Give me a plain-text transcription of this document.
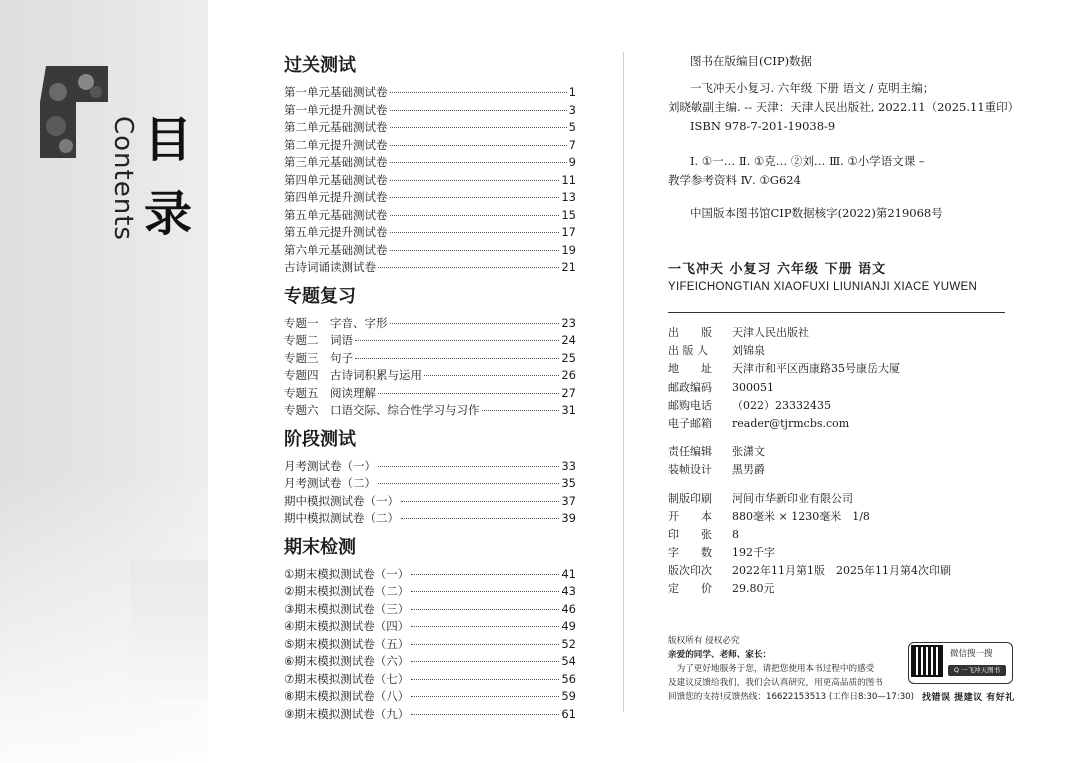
Contents 目
录
过关测试
第一单元基础测试卷	1
第一单元提升测试卷	3
第二单元基础测试卷	5
第二单元提升测试卷	7
第三单元基础测试卷	9
第四单元基础测试卷	11
第四单元提升测试卷	13
第五单元基础测试卷	15
第五单元提升测试卷	17
第六单元基础测试卷	19
古诗词诵读测试卷	21
专题复习
专题一　字音、字形	23
专题二　词语	24
专题三　句子	25
专题四　古诗词积累与运用	26
专题五　阅读理解	27
专题六　口语交际、综合性学习与习作	31
阶段测试
月考测试卷（一）	33
月考测试卷（二）	35
期中模拟测试卷（一）	37
期中模拟测试卷（二）	39
期末检测
①期末模拟测试卷（一）	41
②期末模拟测试卷（二）	43
③期末模拟测试卷（三）	46
④期末模拟测试卷（四）	49
⑤期末模拟测试卷（五）	52
⑥期末模拟测试卷（六）	54
⑦期末模拟测试卷（七）	56
⑧期末模拟测试卷（八）	59
⑨期末模拟测试卷（九）	61
图书在版编目(CIP)数据
一飞冲天小复习. 六年级 下册 语文 / 克明主编；
刘晓敏副主编. -- 天津：天津人民出版社, 2022.11（2025.11重印）
ISBN 978-7-201-19038-9
Ⅰ. ①一… Ⅱ. ①克… ②刘… Ⅲ. ①小学语文课 –
教学参考资料 Ⅳ. ①G624
中国版本图书馆CIP数据核字(2022)第219068号
一飞冲天 小复习 六年级 下册 语文
YIFEICHONGTIAN XIAOFUXI LIUNIANJI XIACE YUWEN
出　　版	天津人民出版社
出 版 人	刘锦泉
地　　址	天津市和平区西康路35号康岳大厦
邮政编码	300051
邮购电话	（022）23332435
电子邮箱	reader@tjrmcbs.com
责任编辑	张潇文
装帧设计	黑男爵
制版印刷	河间市华新印业有限公司
开　　本	880毫米 × 1230毫米　1/8
印　　张	8
字　　数	192千字
版次印次	2022年11月第1版　2025年11月第4次印刷
定　　价	29.80元
版权所有 侵权必究
亲爱的同学、老师、家长：
　为了更好地服务于您，请把您使用本书过程中的感受
及建议反馈给我们，我们会认真研究，用更高品质的图书
回馈您的支持!反馈热线：16622153513 (工作日8:30—17:30)
微信搜一搜
Q 一飞冲天图书
找错误 提建议 有好礼
